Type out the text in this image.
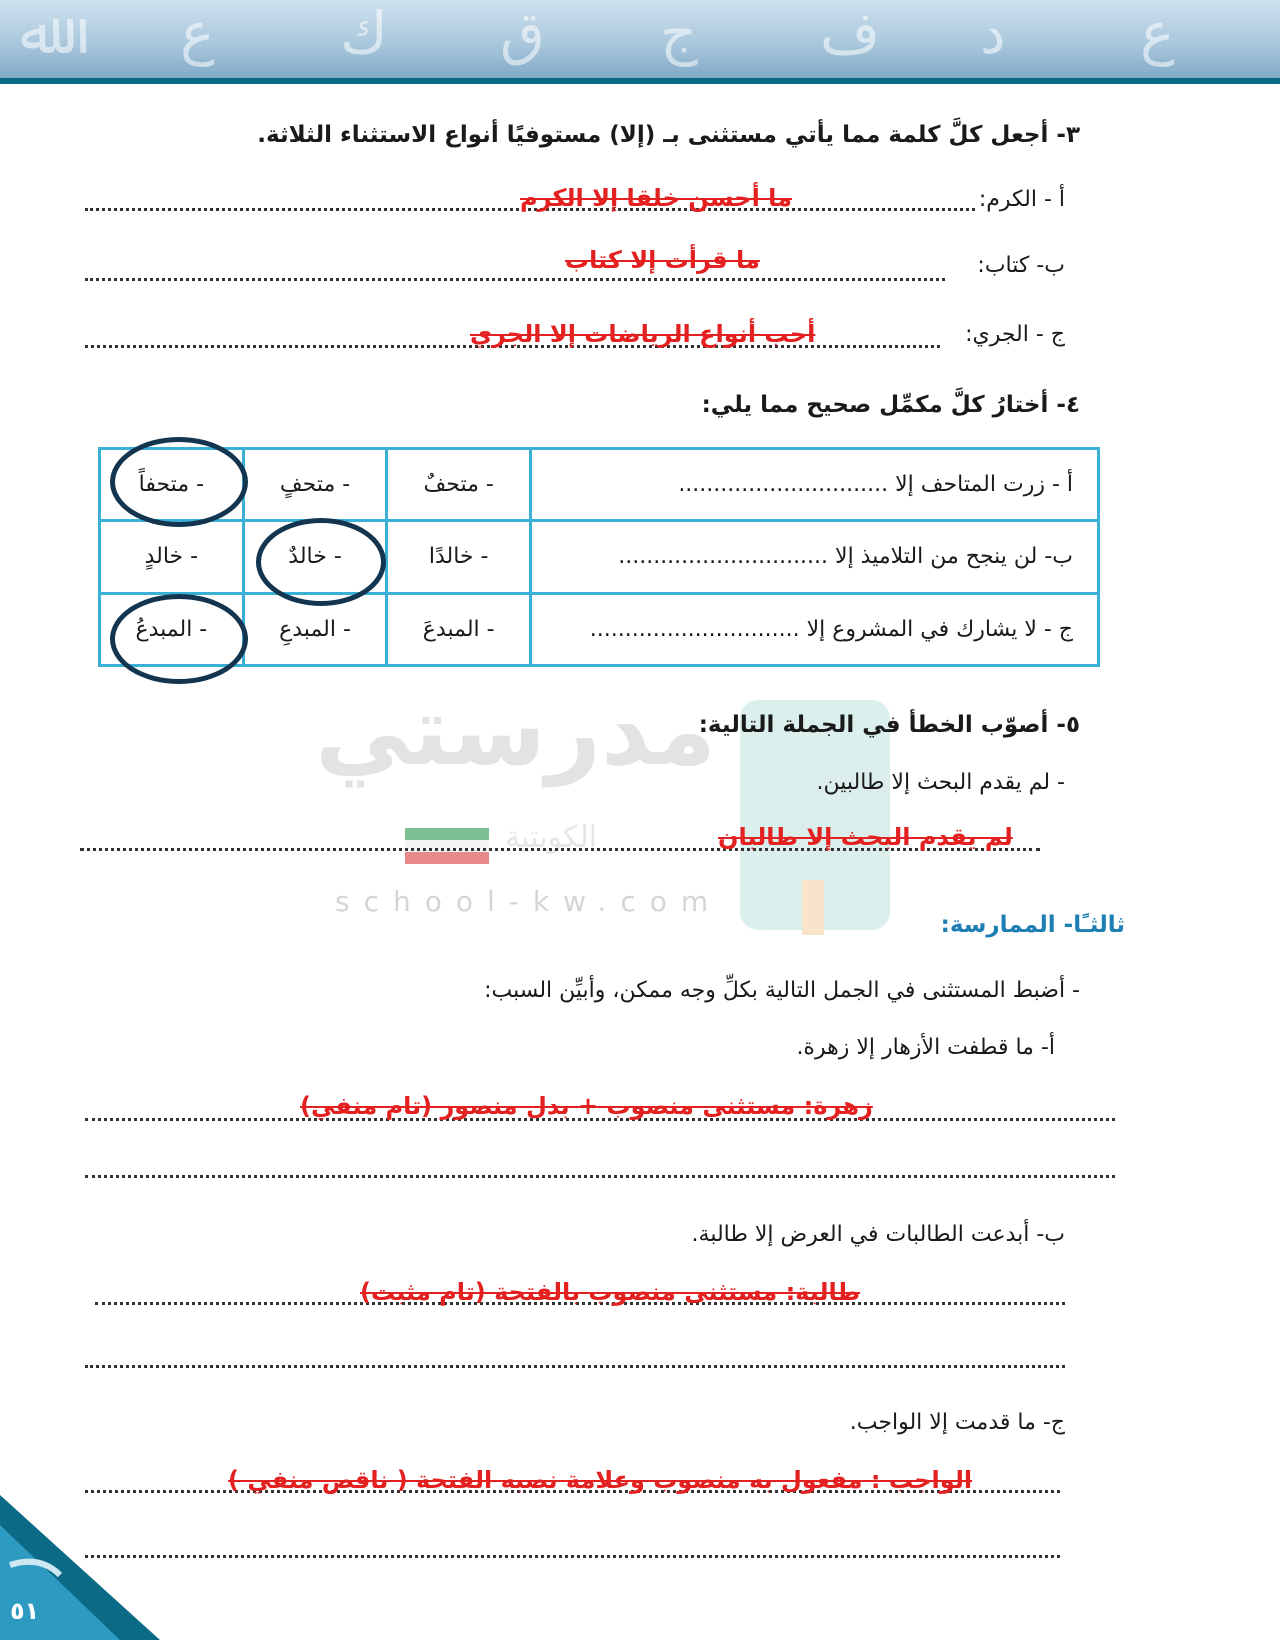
ﷲ ﻉ ﻙ ﻕ ﺝ ﻑ ﺩ ﻉ
مدرستي
الكويتية
school-kw.com
٣- أجعل كلَّ كلمة مما يأتي مستثنى بـ (إلا) مستوفيًا أنواع الاستثناء الثلاثة.
أ - الكرم:
ما أحسن خلقا إلا الكرم
ب- كتاب:
ما قرأت إلا كتاب
ج - الجري:
أحب أنواع الرياضات إلا الجري
٤- أختارُ كلَّ مكمِّل صحيح مما يلي:
أ - زرت المتاحف إلا ..............................	- متحفٌ	- متحفٍ	- متحفاً
ب- لن ينجح من التلاميذ إلا ..............................	- خالدًا	- خالدٌ	- خالدٍ
ج - لا يشارك في المشروع إلا ..............................	- المبدعَ	- المبدعِ	- المبدعُ
٥- أصوّب الخطأ في الجملة التالية:
- لم يقدم البحث إلا طالبين.
لم يقدم البحث إلا طالبان
ثالثـًا- الممارسة:
- أضبط المستثنى في الجمل التالية بكلِّ وجه ممكن، وأبيِّن السبب:
أ- ما قطفت الأزهار إلا زهرة.
زهرة: مستثنى منصوب + بدل منصور (تام منفي)
ب- أبدعت الطالبات في العرض إلا طالبة.
طالبة: مستثنى منصوب بالفتحة (تام مثبت)
ج- ما قدمت إلا الواجب.
الواجب : مفعول به منصوب وعلامة نصبه الفتحة ( ناقص منفي )
٥١
